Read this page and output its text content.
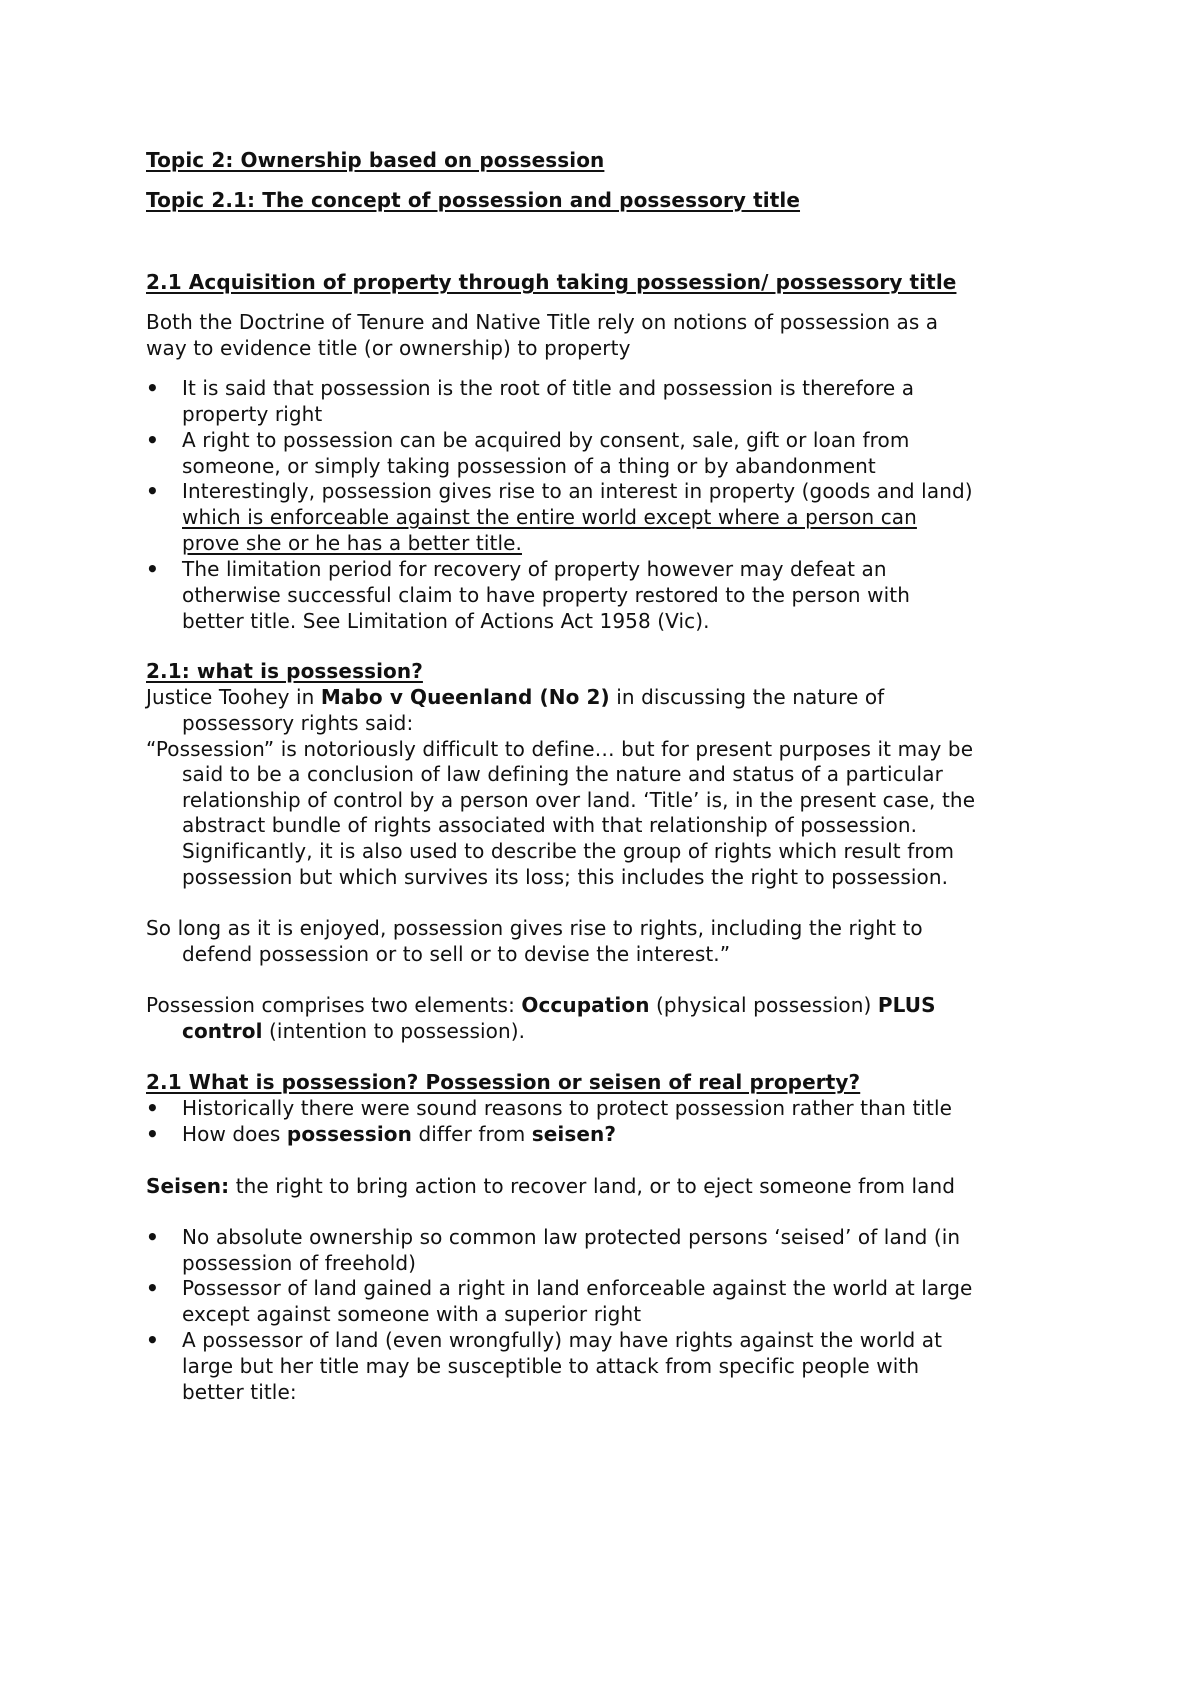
Topic 2: Ownership based on possession
Topic 2.1: The concept of possession and possessory title
2.1 Acquisition of property through taking possession/ possessory title
Both the Doctrine of Tenure and Native Title rely on notions of possession as a
way to evidence title (or ownership) to property
•	It is said that possession is the root of title and possession is therefore a
property right
•	A right to possession can be acquired by consent, sale, gift or loan from
someone, or simply taking possession of a thing or by abandonment
•	Interestingly, possession gives rise to an interest in property (goods and land)
which is enforceable against the entire world except where a person can
prove she or he has a better title.
•	The limitation period for recovery of property however may defeat an
otherwise successful claim to have property restored to the person with
better title. See Limitation of Actions Act 1958 (Vic).
2.1: what is possession?
Justice Toohey in Mabo v Queenland (No 2) in discussing the nature of
possessory rights said:
“Possession” is notoriously difficult to define… but for present purposes it may be
said to be a conclusion of law defining the nature and status of a particular
relationship of control by a person over land. ‘Title’ is, in the present case, the
abstract bundle of rights associated with that relationship of possession.
Significantly, it is also used to describe the group of rights which result from
possession but which survives its loss; this includes the right to possession.
So long as it is enjoyed, possession gives rise to rights, including the right to
defend possession or to sell or to devise the interest.”
Possession comprises two elements: Occupation (physical possession) PLUS
control (intention to possession).
2.1 What is possession? Possession or seisen of real property?
•	Historically there were sound reasons to protect possession rather than title
•	How does possession differ from seisen?
Seisen: the right to bring action to recover land, or to eject someone from land
•	No absolute ownership so common law protected persons ‘seised’ of land (in
possession of freehold)
•	Possessor of land gained a right in land enforceable against the world at large
except against someone with a superior right
•	A possessor of land (even wrongfully) may have rights against the world at
large but her title may be susceptible to attack from specific people with
better title:
